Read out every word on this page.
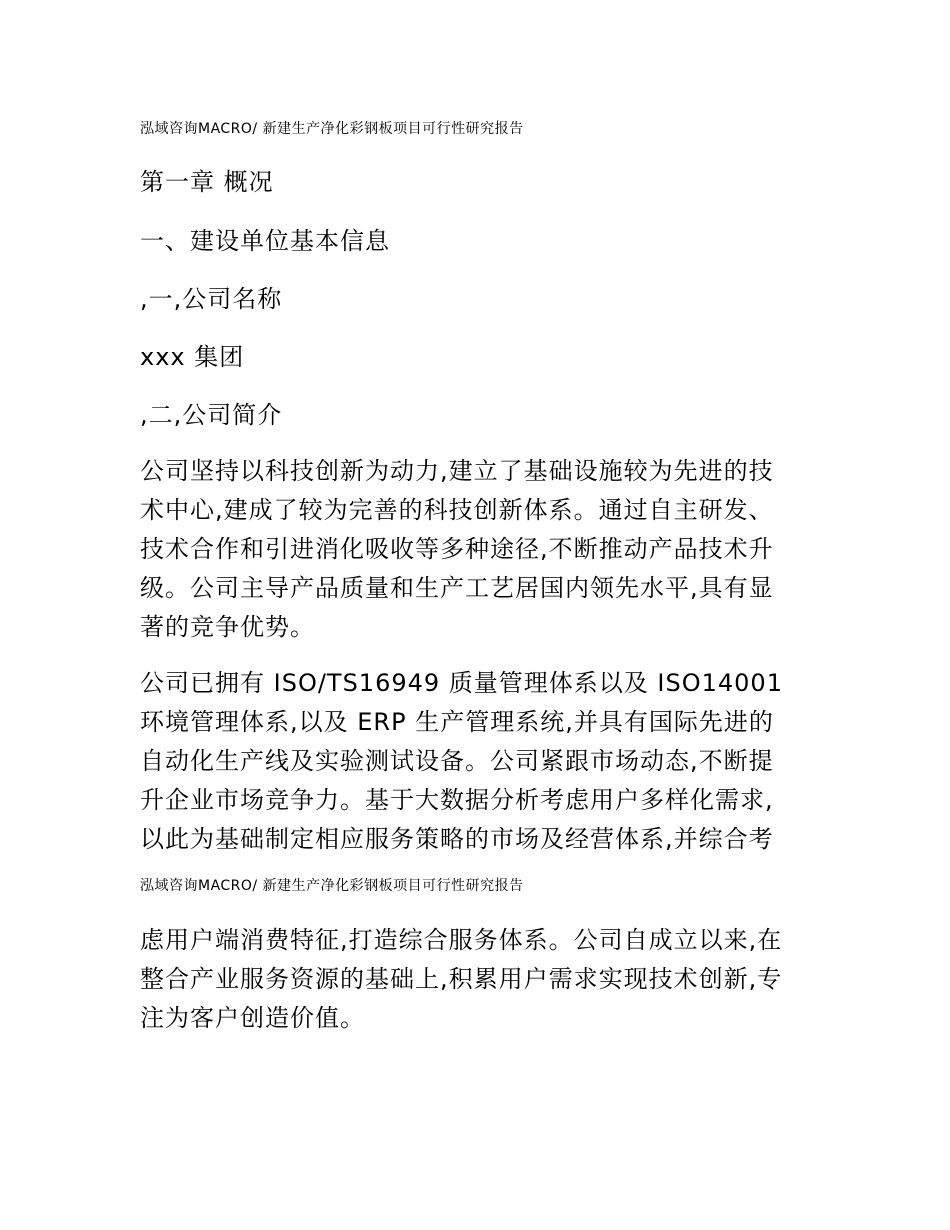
泓域咨询MACRO/ 新建生产净化彩钢板项目可行性研究报告
第一章 概况
一、建设单位基本信息
,一,公司名称
xxx 集团
,二,公司简介
公司坚持以科技创新为动力,建立了基础设施较为先进的技
术中心,建成了较为完善的科技创新体系。通过自主研发、
技术合作和引进消化吸收等多种途径,不断推动产品技术升
级。公司主导产品质量和生产工艺居国内领先水平,具有显
著的竞争优势。
公司已拥有 ISO/TS16949 质量管理体系以及 ISO14001
环境管理体系,以及 ERP 生产管理系统,并具有国际先进的
自动化生产线及实验测试设备。公司紧跟市场动态,不断提
升企业市场竞争力。基于大数据分析考虑用户多样化需求,
以此为基础制定相应服务策略的市场及经营体系,并综合考
泓域咨询MACRO/ 新建生产净化彩钢板项目可行性研究报告
虑用户端消费特征,打造综合服务体系。公司自成立以来,在
整合产业服务资源的基础上,积累用户需求实现技术创新,专
注为客户创造价值。
